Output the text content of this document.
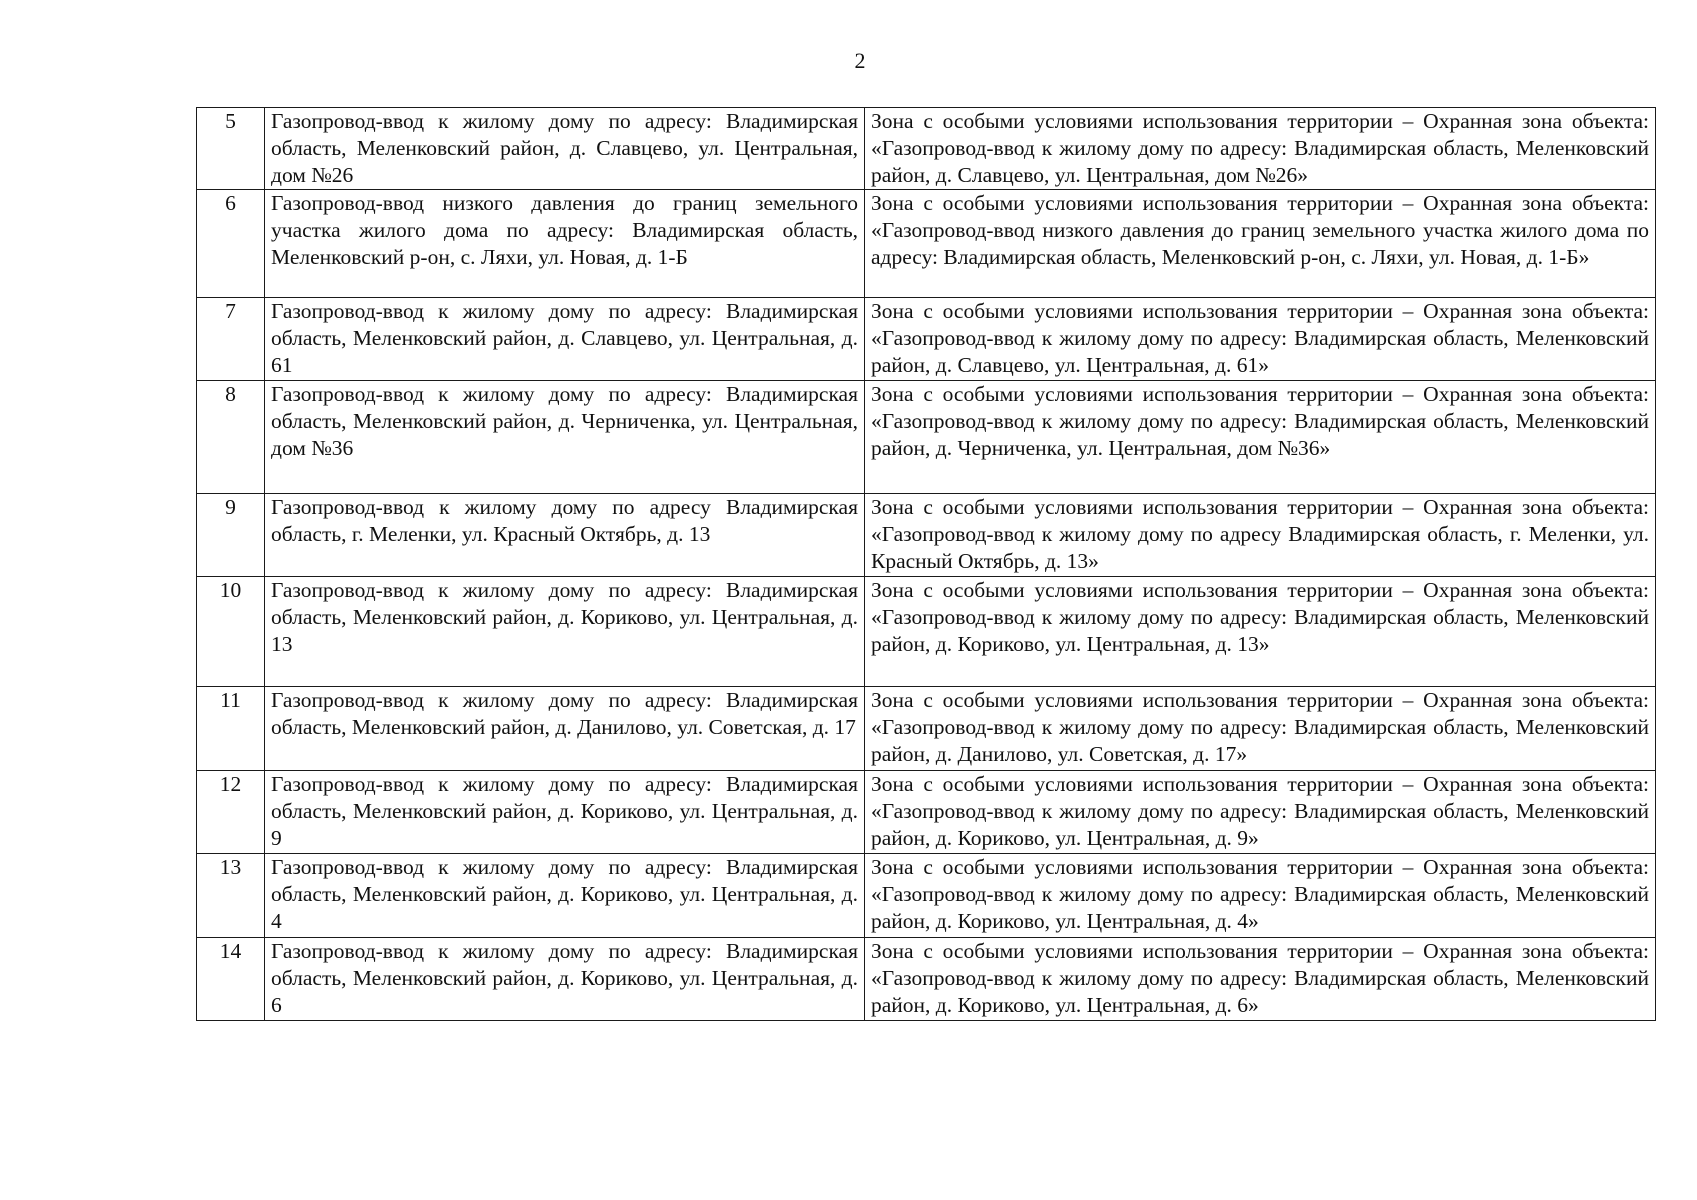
2
5	Газопровод-ввод к жилому дому по адресу: Владимирская область, Меленковский район, д. Славцево, ул. Центральная, дом №26	Зона с особыми условиями использования территории – Охранная зона объекта: «Газопровод-ввод к жилому дому по адресу: Владимирская область, Меленковский район, д. Славцево, ул. Центральная, дом №26»
6	Газопровод-ввод низкого давления до границ земельного участка жилого дома по адресу: Владимирская область, Меленковский р-он, с. Ляхи, ул. Новая, д. 1-Б	Зона с особыми условиями использования территории – Охранная зона объекта: «Газопровод-ввод низкого давления до границ земельного участка жилого дома по адресу: Владимирская область, Меленковский р-он, с. Ляхи, ул. Новая, д. 1-Б»
7	Газопровод-ввод к жилому дому по адресу: Владимирская область, Меленковский район, д. Славцево, ул. Центральная, д. 61	Зона с особыми условиями использования территории – Охранная зона объекта: «Газопровод-ввод к жилому дому по адресу: Владимирская область, Меленковский район, д. Славцево, ул. Центральная, д. 61»
8	Газопровод-ввод к жилому дому по адресу: Владимирская область, Меленковский район, д. Черниченка, ул. Центральная, дом №36	Зона с особыми условиями использования территории – Охранная зона объекта: «Газопровод-ввод к жилому дому по адресу: Владимирская область, Меленковский район, д. Черниченка, ул. Центральная, дом №36»
9	Газопровод-ввод к жилому дому по адресу Владимирская область, г. Меленки, ул. Красный Октябрь, д. 13	Зона с особыми условиями использования территории – Охранная зона объекта: «Газопровод-ввод к жилому дому по адресу Владимирская область, г. Меленки, ул. Красный Октябрь, д. 13»
10	Газопровод-ввод к жилому дому по адресу: Владимирская область, Меленковский район, д. Кориково, ул. Центральная, д. 13	Зона с особыми условиями использования территории – Охранная зона объекта: «Газопровод-ввод к жилому дому по адресу: Владимирская область, Меленковский район, д. Кориково, ул. Центральная, д. 13»
11	Газопровод-ввод к жилому дому по адресу: Владимирская область, Меленковский район, д. Данилово, ул. Советская, д. 17	Зона с особыми условиями использования территории – Охранная зона объекта: «Газопровод-ввод к жилому дому по адресу: Владимирская область, Меленковский район, д. Данилово, ул. Советская, д. 17»
12	Газопровод-ввод к жилому дому по адресу: Владимирская область, Меленковский район, д. Кориково, ул. Центральная, д. 9	Зона с особыми условиями использования территории – Охранная зона объекта: «Газопровод-ввод к жилому дому по адресу: Владимирская область, Меленковский район, д. Кориково, ул. Центральная, д. 9»
13	Газопровод-ввод к жилому дому по адресу: Владимирская область, Меленковский район, д. Кориково, ул. Центральная, д. 4	Зона с особыми условиями использования территории – Охранная зона объекта: «Газопровод-ввод к жилому дому по адресу: Владимирская область, Меленковский район, д. Кориково, ул. Центральная, д. 4»
14	Газопровод-ввод к жилому дому по адресу: Владимирская область, Меленковский район, д. Кориково, ул. Центральная, д. 6	Зона с особыми условиями использования территории – Охранная зона объекта: «Газопровод-ввод к жилому дому по адресу: Владимирская область, Меленковский район, д. Кориково, ул. Центральная, д. 6»
